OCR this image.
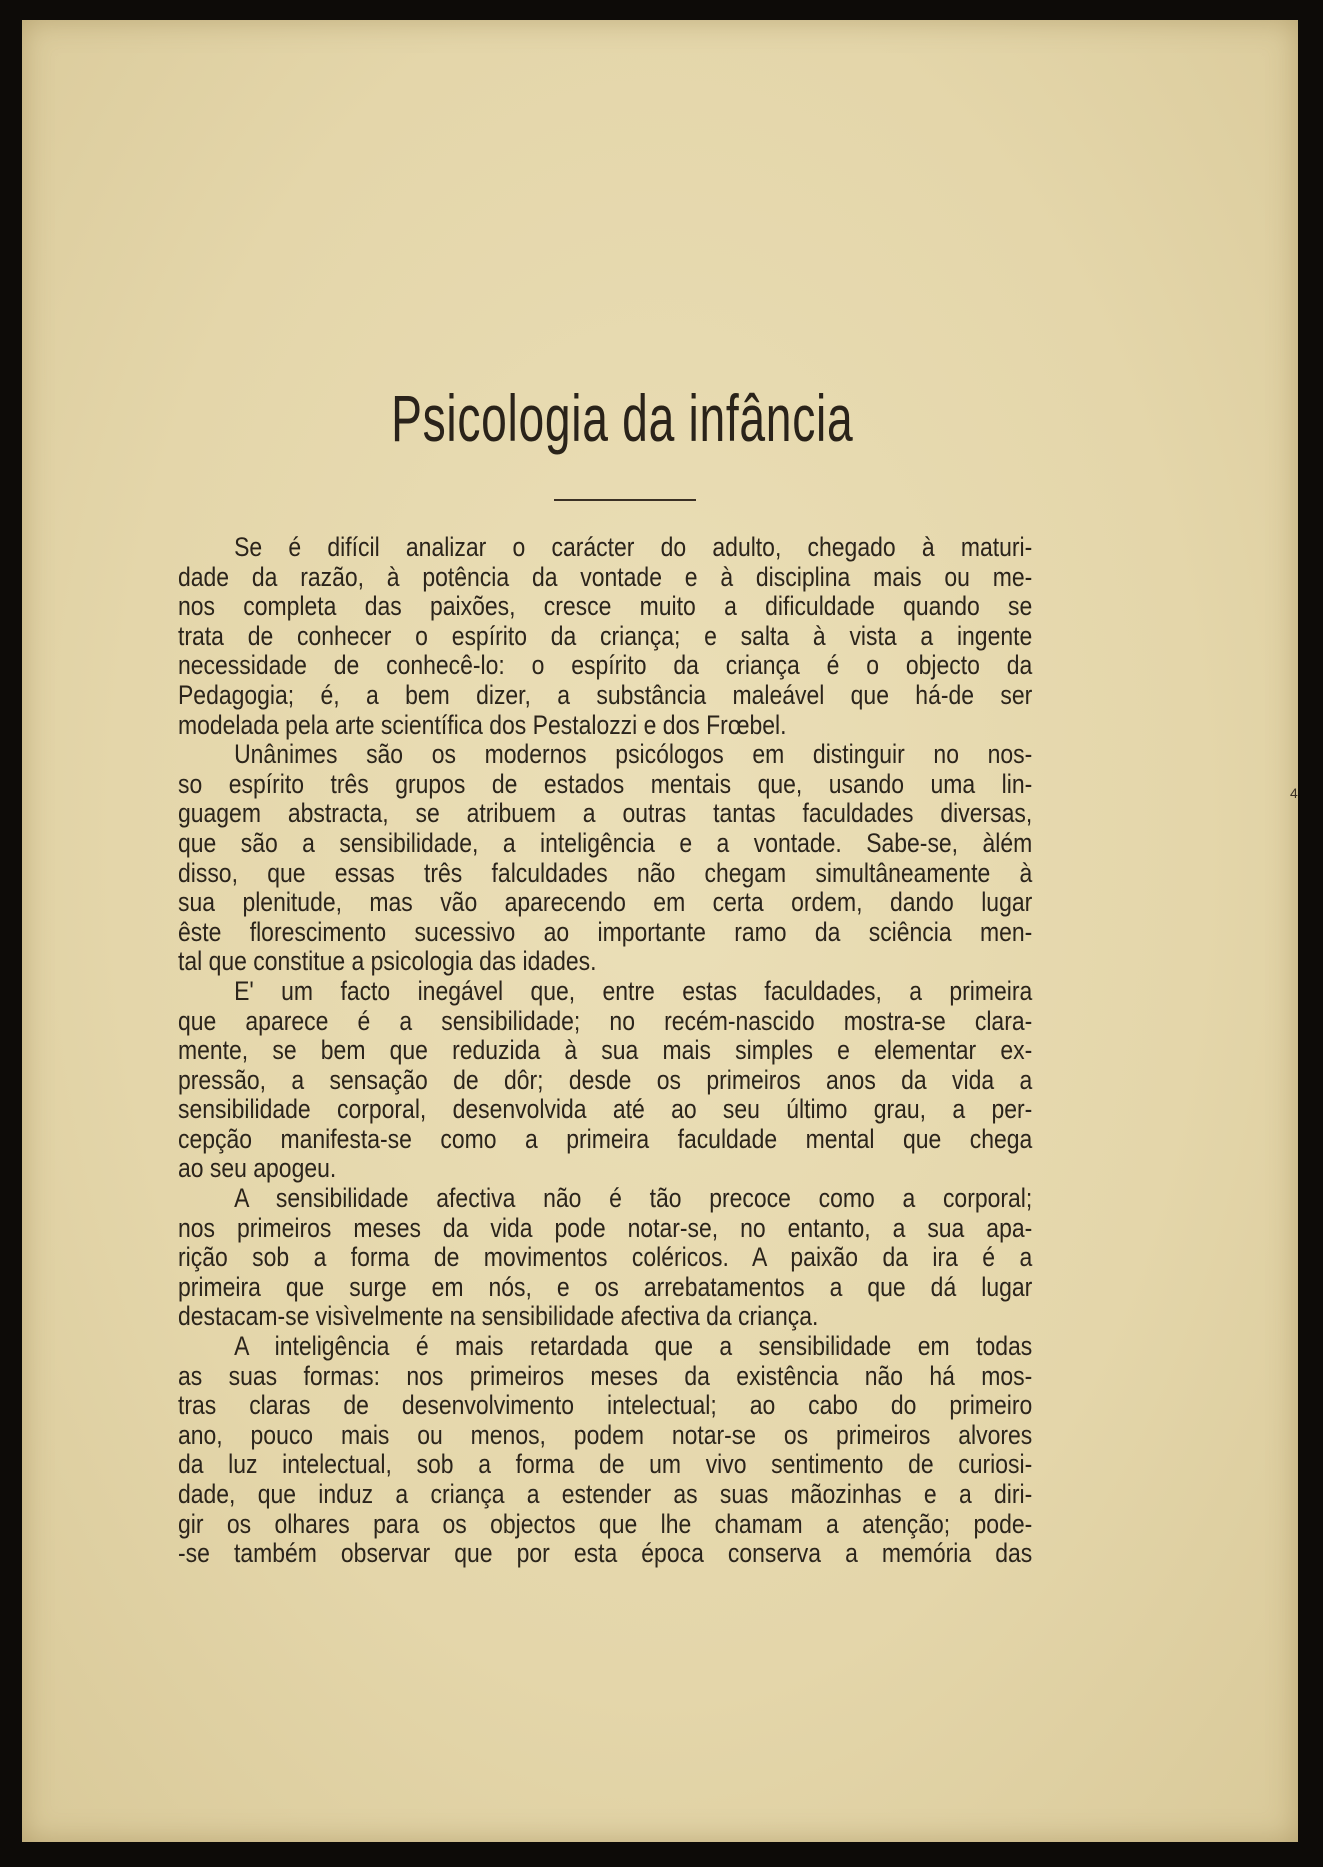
Psicologia da infância
4
Se é difícil analizar o carácter do adulto, chegado à maturi-
dade da razão, à potência da vontade e à disciplina mais ou me-
nos completa das paixões, cresce muito a dificuldade quando se
trata de conhecer o espírito da criança; e salta à vista a ingente
necessidade de conhecê-lo: o espírito da criança é o objecto da
Pedagogia; é, a bem dizer, a substância maleável que há-de ser
modelada pela arte scientífica dos Pestalozzi e dos Frœbel.
Unânimes são os modernos psicólogos em distinguir no nos-
so espírito três grupos de estados mentais que, usando uma lin-
guagem abstracta, se atribuem a outras tantas faculdades diversas,
que são a sensibilidade, a inteligência e a vontade. Sabe-se, àlém
disso, que essas três falculdades não chegam simultâneamente à
sua plenitude, mas vão aparecendo em certa ordem, dando lugar
êste florescimento sucessivo ao importante ramo da sciência men-
tal que constitue a psicologia das idades.
E' um facto inegável que, entre estas faculdades, a primeira
que aparece é a sensibilidade; no recém-nascido mostra-se clara-
mente, se bem que reduzida à sua mais simples e elementar ex-
pressão, a sensação de dôr; desde os primeiros anos da vida a
sensibilidade corporal, desenvolvida até ao seu último grau, a per-
cepção manifesta-se como a primeira faculdade mental que chega
ao seu apogeu.
A sensibilidade afectiva não é tão precoce como a corporal;
nos primeiros meses da vida pode notar-se, no entanto, a sua apa-
rição sob a forma de movimentos coléricos. A paixão da ira é a
primeira que surge em nós, e os arrebatamentos a que dá lugar
destacam-se visìvelmente na sensibilidade afectiva da criança.
A inteligência é mais retardada que a sensibilidade em todas
as suas formas: nos primeiros meses da existência não há mos-
tras claras de desenvolvimento intelectual; ao cabo do primeiro
ano, pouco mais ou menos, podem notar-se os primeiros alvores
da luz intelectual, sob a forma de um vivo sentimento de curiosi-
dade, que induz a criança a estender as suas mãozinhas e a diri-
gir os olhares para os objectos que lhe chamam a atenção; pode-
-se também observar que por esta época conserva a memória das
